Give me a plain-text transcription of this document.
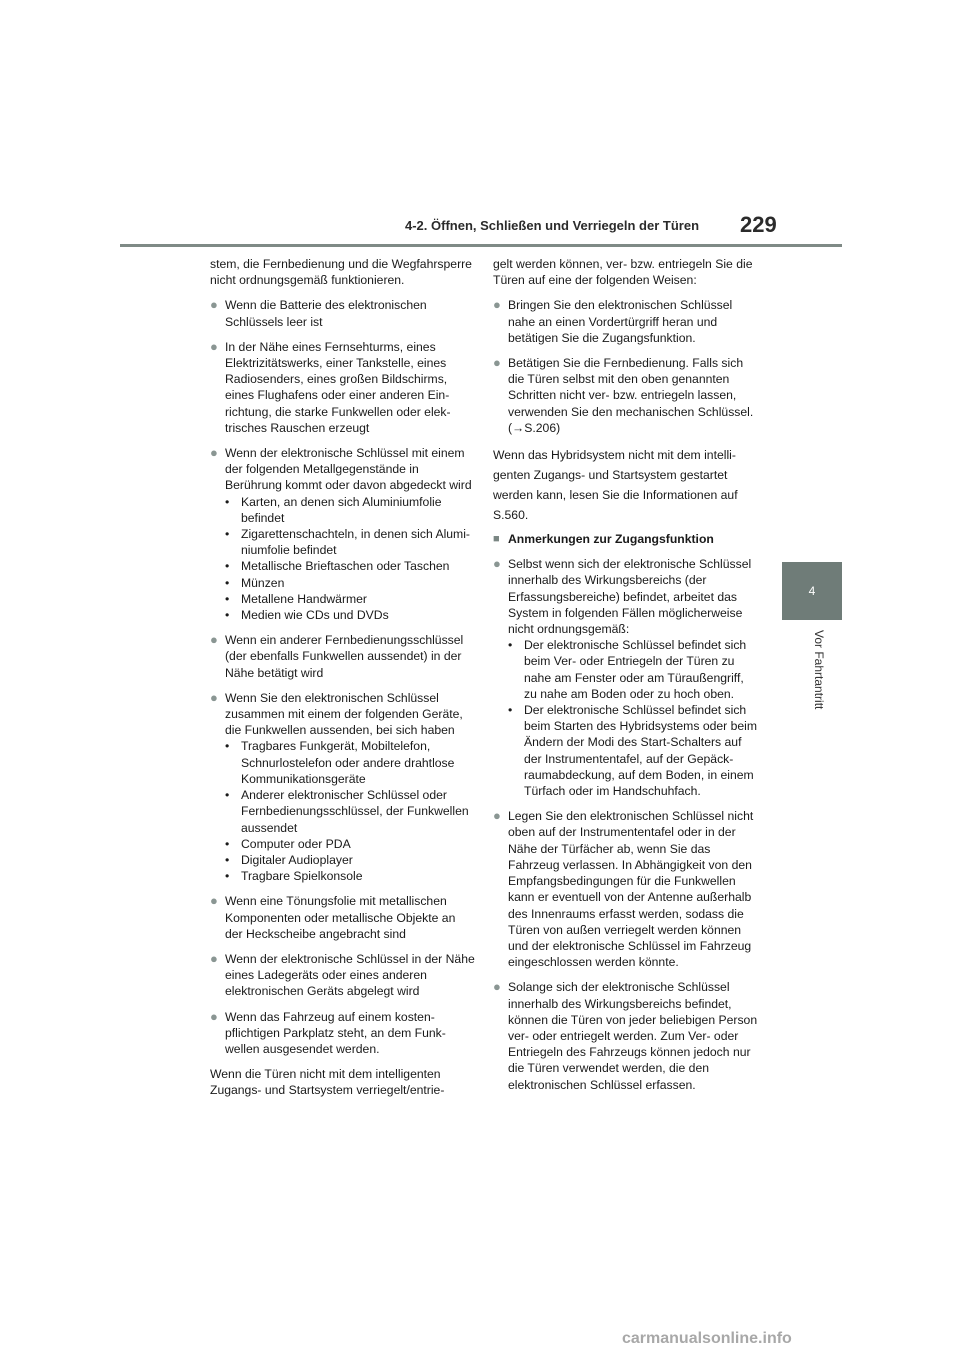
4-2. Öffnen, Schließen und Verriegeln der Türen 229
4
Vor Fahrtantritt

stem, die Fernbedienung und die Wegfahrsperre nicht ordnungsgemäß funktionieren.

● Wenn die Batterie des elektronischen Schlüssels leer ist

● In der Nähe eines Fernsehturms, eines Elektrizitätswerks, einer Tankstelle, eines Radiosenders, eines großen Bildschirms, eines Flughafens oder einer anderen Einrichtung, die starke Funkwellen oder elektrisches Rauschen erzeugt

● Wenn der elektronische Schlüssel mit einem der folgenden Metallgegenstände in Berührung kommt oder davon abgedeckt wird

• Karten, an denen sich Aluminiumfolie befindet
• Zigarettenschachteln, in denen sich Aluminiumfolie befindet
• Metallische Brieftaschen oder Taschen
• Münzen
• Metallene Handwärmer
• Medien wie CDs und DVDs
● Wenn ein anderer Fernbedienungsschlüssel (der ebenfalls Funkwellen aussendet) in der Nähe betätigt wird

● Wenn Sie den elektronischen Schlüssel zusammen mit einem der folgenden Geräte, die Funkwellen aussenden, bei sich haben

• Tragbares Funkgerät, Mobiltelefon, Schnurlostelefon oder andere drahtlose Kommunikationsgeräte
• Anderer elektronischer Schlüssel oder Fernbedienungsschlüssel, der Funkwellen aussendet
• Computer oder PDA
• Digitaler Audioplayer
• Tragbare Spielkonsole
● Wenn eine Tönungsfolie mit metallischen Komponenten oder metallische Objekte an der Heckscheibe angebracht sind

● Wenn der elektronische Schlüssel in der Nähe eines Ladegeräts oder eines anderen elektronischen Geräts abgelegt wird

● Wenn das Fahrzeug auf einem kostenpflichtigen Parkplatz steht, an dem Funkwellen ausgesendet werden.

Wenn die Türen nicht mit dem intelligenten Zugangs- und Startsystem verriegelt/entrie-

gelt werden können, ver- bzw. entriegeln Sie die Türen auf eine der folgenden Weisen:

● Bringen Sie den elektronischen Schlüssel nahe an einen Vordertürgriff heran und betätigen Sie die Zugangsfunktion.

● Betätigen Sie die Fernbedienung. Falls sich die Türen selbst mit den oben genannten Schritten nicht ver- bzw. entriegeln lassen, verwenden Sie den mechanischen Schlüssel. (→S.206)

Wenn das Hybridsystem nicht mit dem intelligenten Zugangs- und Startsystem gestartet werden kann, lesen Sie die Informationen auf S.560.

■ Anmerkungen zur Zugangsfunktion

● Selbst wenn sich der elektronische Schlüssel innerhalb des Wirkungsbereichs (der Erfassungsbereiche) befindet, arbeitet das System in folgenden Fällen möglicherweise nicht ordnungsgemäß:

• Der elektronische Schlüssel befindet sich beim Ver- oder Entriegeln der Türen zu nahe am Fenster oder am Türaußengriff, zu nahe am Boden oder zu hoch oben.
• Der elektronische Schlüssel befindet sich beim Starten des Hybridsystems oder beim Ändern der Modi des Start-Schalters auf der Instrumententafel, auf der Gepäckraumabdeckung, auf dem Boden, in einem Türfach oder im Handschuhfach.
● Legen Sie den elektronischen Schlüssel nicht oben auf der Instrumententafel oder in der Nähe der Türfächer ab, wenn Sie das Fahrzeug verlassen. In Abhängigkeit von den Empfangsbedingungen für die Funkwellen kann er eventuell von der Antenne außerhalb des Innenraums erfasst werden, sodass die Türen von außen verriegelt werden können und der elektronische Schlüssel im Fahrzeug eingeschlossen werden könnte.

● Solange sich der elektronische Schlüssel innerhalb des Wirkungsbereichs befindet, können die Türen von jeder beliebigen Person ver- oder entriegelt werden. Zum Ver- oder Entriegeln des Fahrzeugs können jedoch nur die Türen verwendet werden, die den elektronischen Schlüssel erfassen.

carmanualsonline.info
